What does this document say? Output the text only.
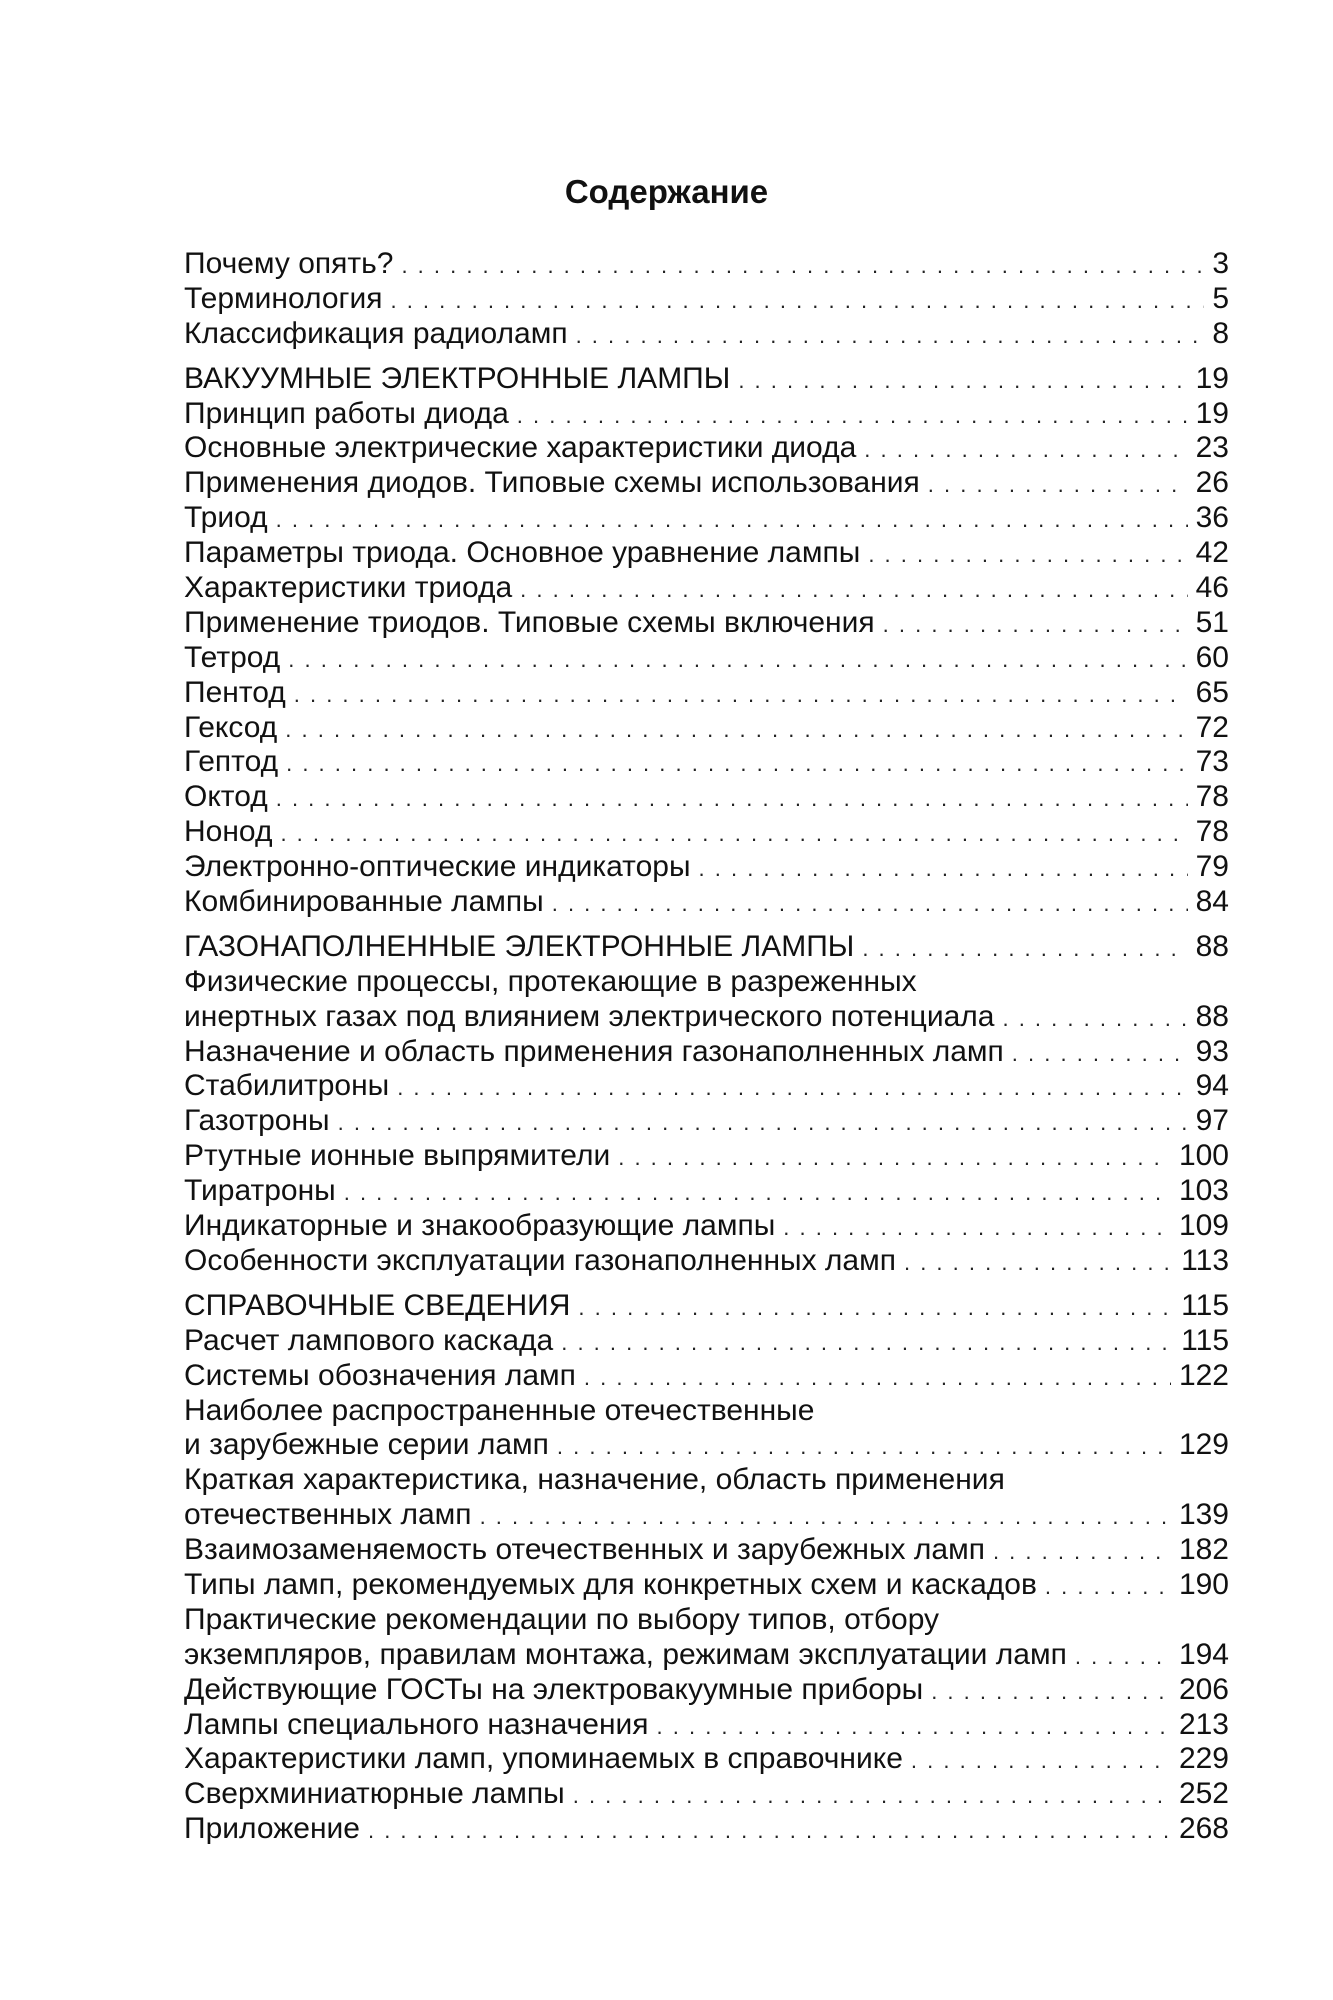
Содержание
Почему опять? . . .	3
Терминология . . .	5
Классификация радиоламп . . .	8
ВАКУУМНЫЕ ЭЛЕКТРОННЫЕ ЛАМПЫ . . .	19
Принцип работы диода . . .	19
Основные электрические характеристики диода . . .	23
Применения диодов. Типовые схемы использования . . .	26
Триод . . .	36
Параметры триода. Основное уравнение лампы . . .	42
Характеристики триода . . .	46
Применение триодов. Типовые схемы включения . . .	51
Тетрод . . .	60
Пентод . . .	65
Гексод . . .	72
Гептод . . .	73
Октод . . .	78
Нонод . . .	78
Электронно-оптические индикаторы . . .	79
Комбинированные лампы . . .	84
ГАЗОНАПОЛНЕННЫЕ ЭЛЕКТРОННЫЕ ЛАМПЫ . . .	88
Физические процессы, протекающие в разреженных
инертных газах под влиянием электрического потенциала . . .	88
Назначение и область применения газонаполненных ламп . . .	93
Стабилитроны . . .	94
Газотроны . . .	97
Ртутные ионные выпрямители . . .	100
Тиратроны . . .	103
Индикаторные и знакообразующие лампы . . .	109
Особенности эксплуатации газонаполненных ламп . . .	113
СПРАВОЧНЫЕ СВЕДЕНИЯ . . .	115
Расчет лампового каскада . . .	115
Системы обозначения ламп . . .	122
Наиболее распространенные отечественные
и зарубежные серии ламп . . .	129
Краткая характеристика, назначение, область применения
отечественных ламп . . .	139
Взаимозаменяемость отечественных и зарубежных ламп . . .	182
Типы ламп, рекомендуемых для конкретных схем и каскадов . . .	190
Практические рекомендации по выбору типов, отбору
экземпляров, правилам монтажа, режимам эксплуатации ламп . . .	194
Действующие ГОСТы на электровакуумные приборы . . .	206
Лампы специального назначения . . .	213
Характеристики ламп, упоминаемых в справочнике . . .	229
Сверхминиатюрные лампы . . .	252
Приложение . . .	268
